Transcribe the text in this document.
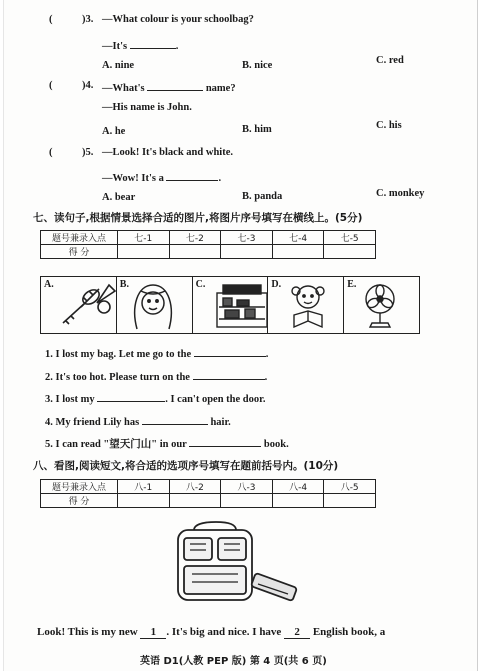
(	)3. —What colour is your schoolbag?
—It's	.
A. nine	B. nice	C. red
(	)4. —What's	name?
—His name is John.
A. he	B. him	C. his
(	)5. —Look! It's black and white.
—Wow! It's a	.
A. bear	B. panda	C. monkey
七、读句子,根据情景选择合适的图片,将图片序号填写在横线上。(5分)
题号兼录入点	七-1	七-2	七-3	七-4	七-5
得 分					
A.	B.	C.	D.	E.
1. I lost my bag. Let me go to the	.
2. It's too hot. Please turn on the	.
3. I lost my	. I can't open the door.
4. My friend Lily has	hair.
5. I can read "望天门山" in our	book.
八、看图,阅读短文,将合适的选项序号填写在题前括号内。(10分)
题号兼录入点	八-1	八-2	八-3	八-4	八-5
得 分					
Look! This is my new 1 . It's big and nice. I have 2 English book, a
英语 D1(人教 PEP 版) 第 4 页(共 6 页)
